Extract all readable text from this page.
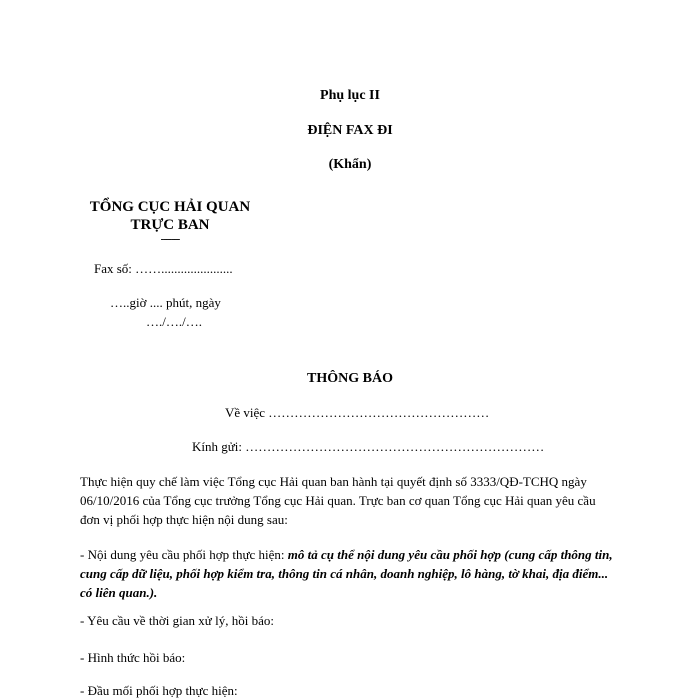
Phụ lục II
ĐIỆN FAX ĐI
(Khẩn)
TỔNG CỤC HẢI QUAN
TRỰC BAN
-------
Fax số: ……......................
…..giờ .... phút, ngày
…./…./….
THÔNG BÁO
Về việc ……………………………………………
Kính gửi: ……………………………………………………………
Thực hiện quy chế làm việc Tổng cục Hải quan ban hành tại quyết định số 3333/QĐ-TCHQ ngày 06/10/2016 của Tổng cục trưởng Tổng cục Hải quan. Trực ban cơ quan Tổng cục Hải quan yêu cầu đơn vị phối hợp thực hiện nội dung sau:
- Nội dung yêu cầu phối hợp thực hiện: mô tả cụ thể nội dung yêu cầu phối hợp (cung cấp thông tin, cung cấp dữ liệu, phối hợp kiểm tra, thông tin cá nhân, doanh nghiệp, lô hàng, tờ khai, địa điểm... có liên quan.).
- Yêu cầu về thời gian xử lý, hồi báo:
- Hình thức hồi báo:
- Đầu mối phối hợp thực hiện:
